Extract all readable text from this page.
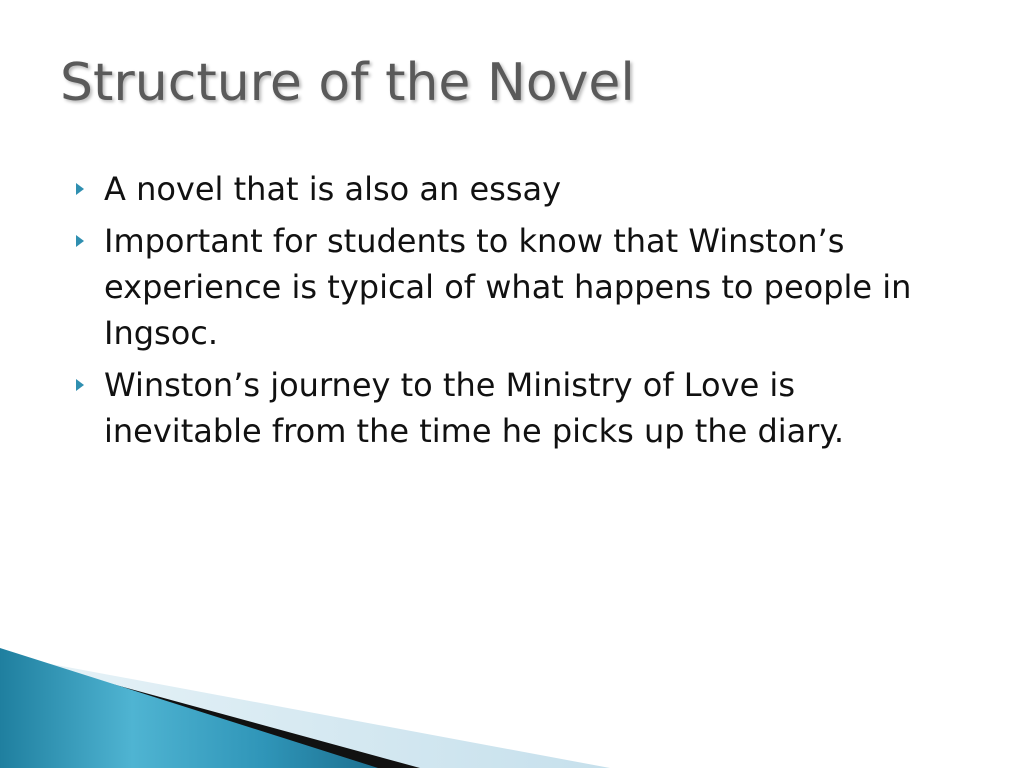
Structure of the Novel
A novel that is also an essay
Important for students to know that Winston’s experience is typical of what happens to people in Ingsoc.
Winston’s journey to the Ministry of Love is inevitable from the time he picks up the diary.
